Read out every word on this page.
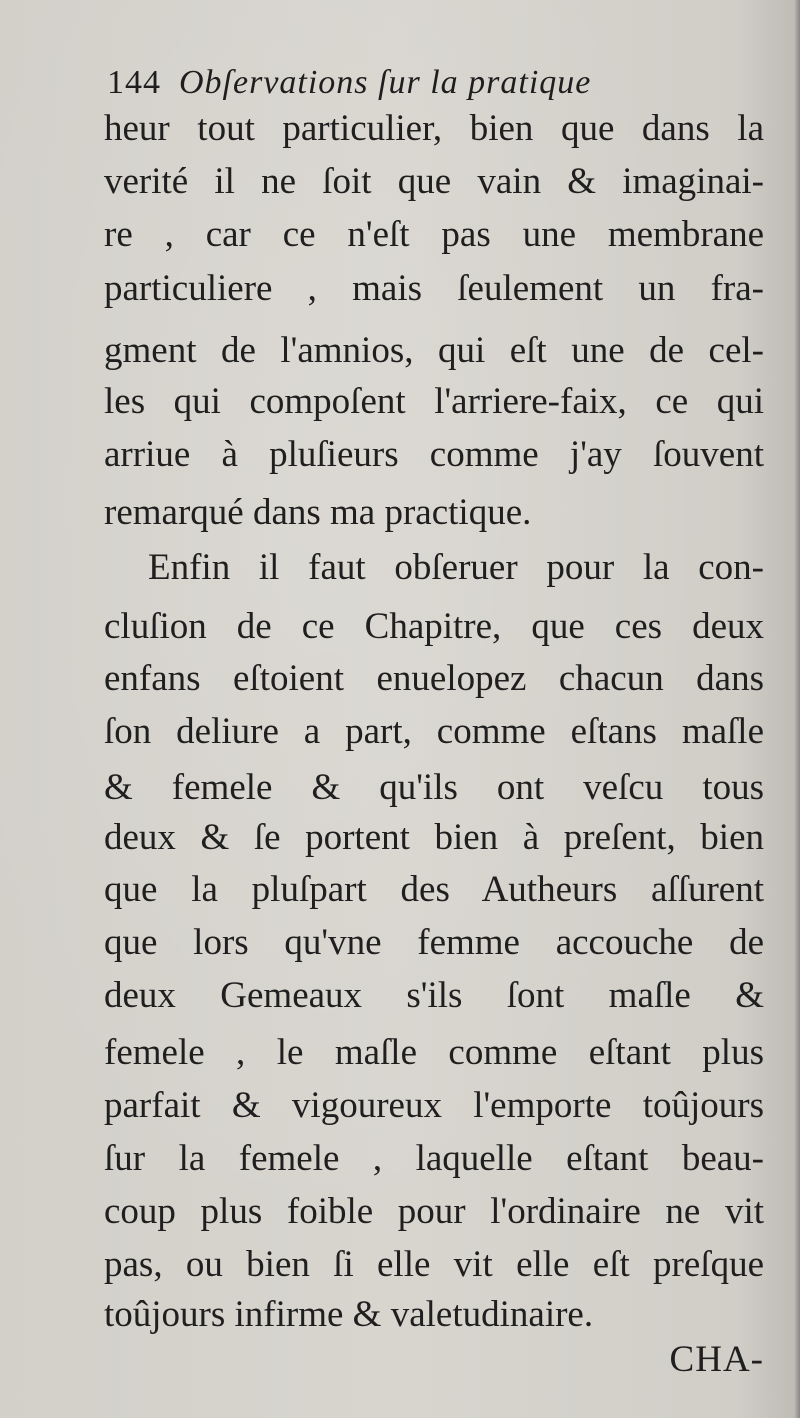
144 Obſervations ſur la pratique
heur tout particulier, bien que dans la
verité il ne ſoit que vain & imaginai-
re , car ce n'eſt pas une membrane
particuliere , mais ſeulement un fra-
gment de l'amnios, qui eſt une de cel-
les qui compoſent l'arriere-faix, ce qui
arriue à pluſieurs comme j'ay ſouvent
remarqué dans ma practique.
Enfin il faut obſeruer pour la con-
cluſion de ce Chapitre, que ces deux
enfans eſtoient enuelopez chacun dans
ſon deliure a part, comme eſtans maſle
& femele & qu'ils ont veſcu tous
deux & ſe portent bien à preſent, bien
que la pluſpart des Autheurs aſſurent
que lors qu'vne femme accouche de
deux Gemeaux s'ils ſont maſle &
femele , le maſle comme eſtant plus
parfait & vigoureux l'emporte toûjours
ſur la femele , laquelle eſtant beau-
coup plus foible pour l'ordinaire ne vit
pas, ou bien ſi elle vit elle eſt preſque
toûjours infirme & valetudinaire.
CHA-
